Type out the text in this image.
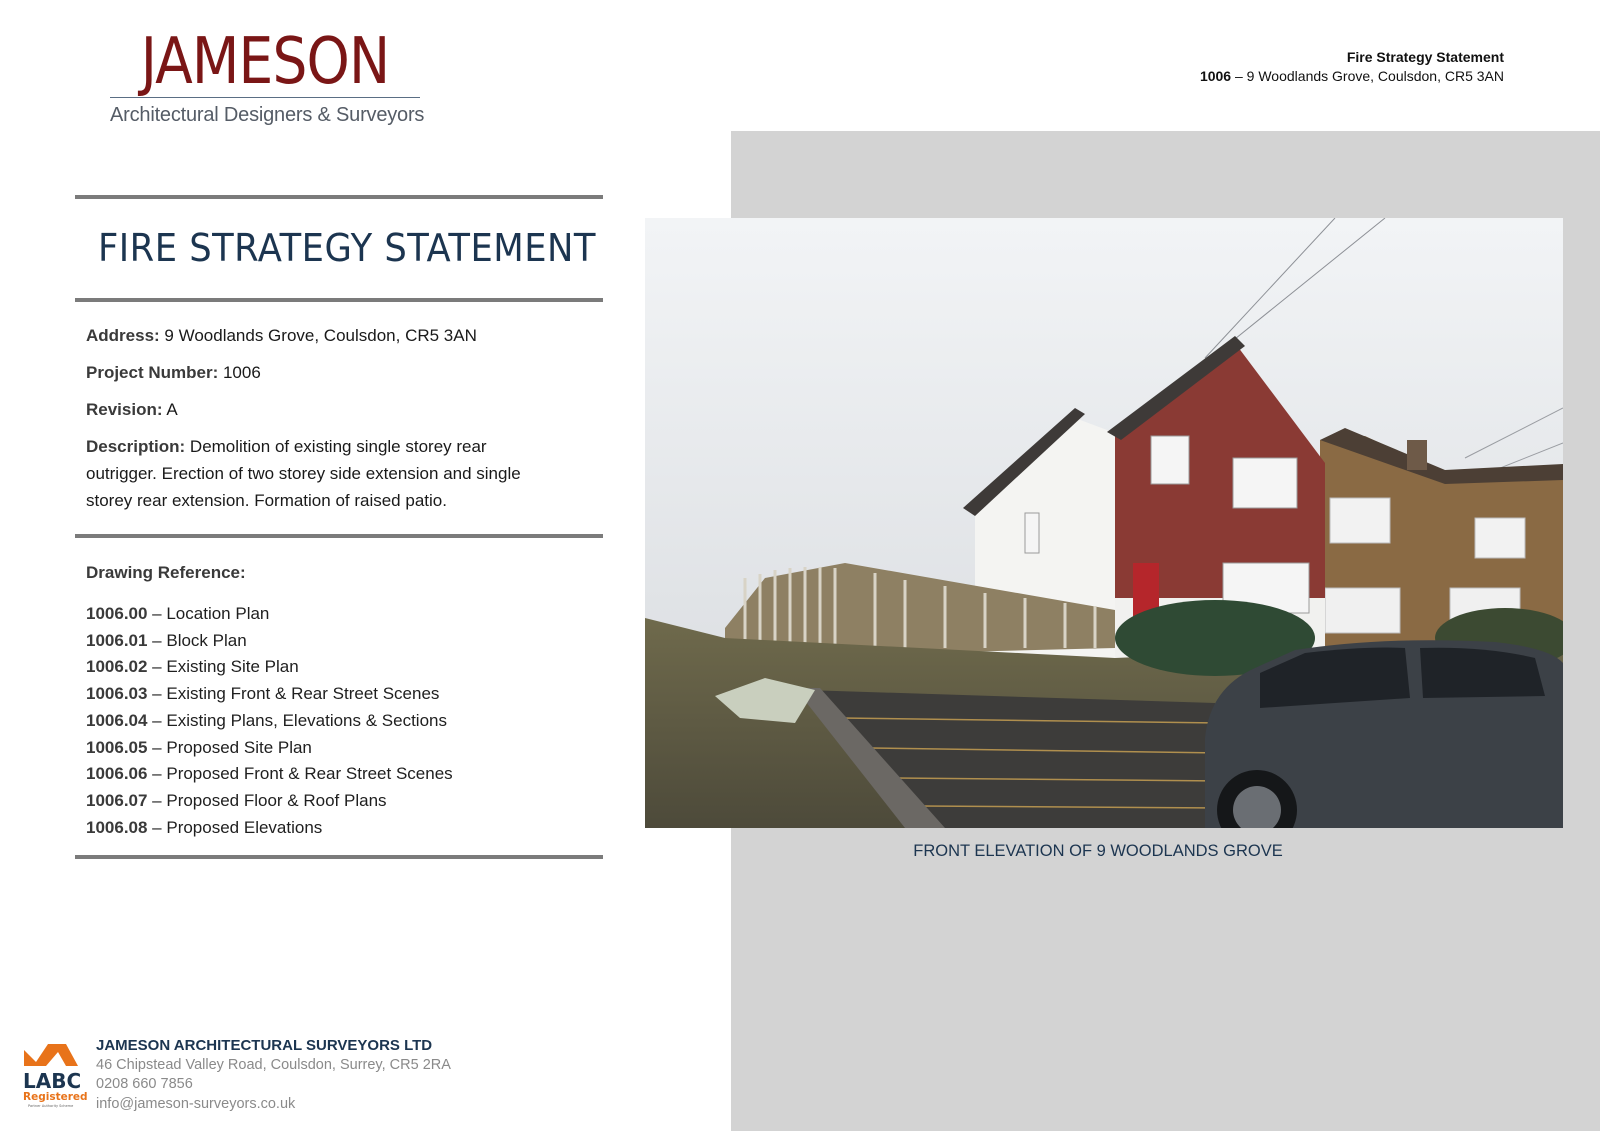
JAMESON
Architectural Designers & Surveyors
Fire Strategy Statement
1006 – 9 Woodlands Grove, Coulsdon, CR5 3AN
FIRE STRATEGY STATEMENT
Address: 9 Woodlands Grove, Coulsdon, CR5 3AN
Project Number: 1006
Revision: A
Description: Demolition of existing single storey rear outrigger. Erection of two storey side extension and single storey rear extension. Formation of raised patio.
Drawing Reference:
1006.00 – Location Plan
1006.01 – Block Plan
1006.02 – Existing Site Plan
1006.03 – Existing Front & Rear Street Scenes
1006.04 – Existing Plans, Elevations & Sections
1006.05 – Proposed Site Plan
1006.06 – Proposed Front & Rear Street Scenes
1006.07 – Proposed Floor & Roof Plans
1006.08 – Proposed Elevations
FRONT ELEVATION OF 9 WOODLANDS GROVE
LABC
Registered
Partner Authority Scheme
JAMESON ARCHITECTURAL SURVEYORS LTD
46 Chipstead Valley Road, Coulsdon, Surrey, CR5 2RA
0208 660 7856
info@jameson-surveyors.co.uk
